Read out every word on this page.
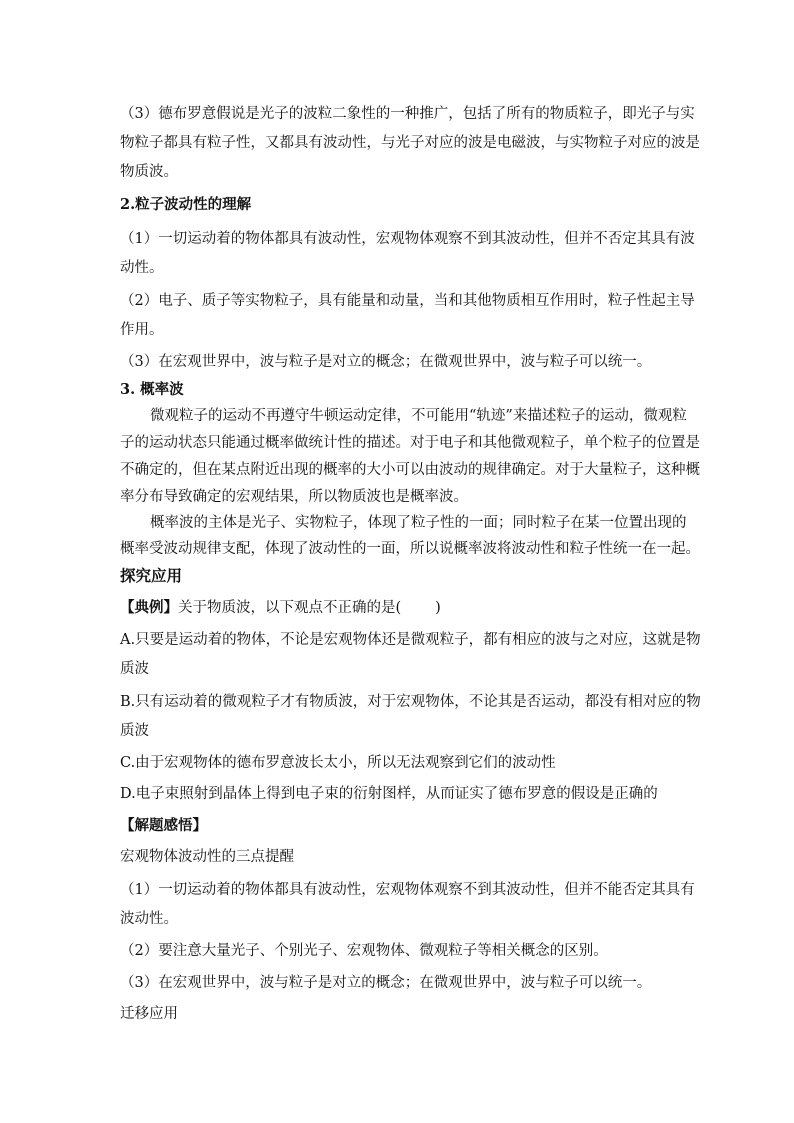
（3）德布罗意假说是光子的波粒二象性的一种推广，包括了所有的物质粒子，即光子与实
物粒子都具有粒子性，又都具有波动性，与光子对应的波是电磁波，与实物粒子对应的波是
物质波。
2.粒子波动性的理解
（1）一切运动着的物体都具有波动性，宏观物体观察不到其波动性，但并不否定其具有波
动性。
（2）电子、质子等实物粒子，具有能量和动量，当和其他物质相互作用时，粒子性起主导
作用。
（3）在宏观世界中，波与粒子是对立的概念；在微观世界中，波与粒子可以统一。
3. 概率波
微观粒子的运动不再遵守牛顿运动定律，不可能用“轨迹”来描述粒子的运动，微观粒
子的运动状态只能通过概率做统计性的描述。对于电子和其他微观粒子，单个粒子的位置是
不确定的，但在某点附近出现的概率的大小可以由波动的规律确定。对于大量粒子，这种概
率分布导致确定的宏观结果，所以物质波也是概率波。
概率波的主体是光子、实物粒子，体现了粒子性的一面；同时粒子在某一位置出现的
概率受波动规律支配，体现了波动性的一面，所以说概率波将波动性和粒子性统一在一起。
探究应用
【典例】关于物质波，以下观点不正确的是( )
A.只要是运动着的物体，不论是宏观物体还是微观粒子，都有相应的波与之对应，这就是物
质波
B.只有运动着的微观粒子才有物质波，对于宏观物体，不论其是否运动，都没有相对应的物
质波
C.由于宏观物体的德布罗意波长太小，所以无法观察到它们的波动性
D.电子束照射到晶体上得到电子束的衍射图样，从而证实了德布罗意的假设是正确的
【解题感悟】
宏观物体波动性的三点提醒
（1）一切运动着的物体都具有波动性，宏观物体观察不到其波动性，但并不能否定其具有
波动性。
（2）要注意大量光子、个别光子、宏观物体、微观粒子等相关概念的区别。
（3）在宏观世界中，波与粒子是对立的概念；在微观世界中，波与粒子可以统一。
迁移应用
